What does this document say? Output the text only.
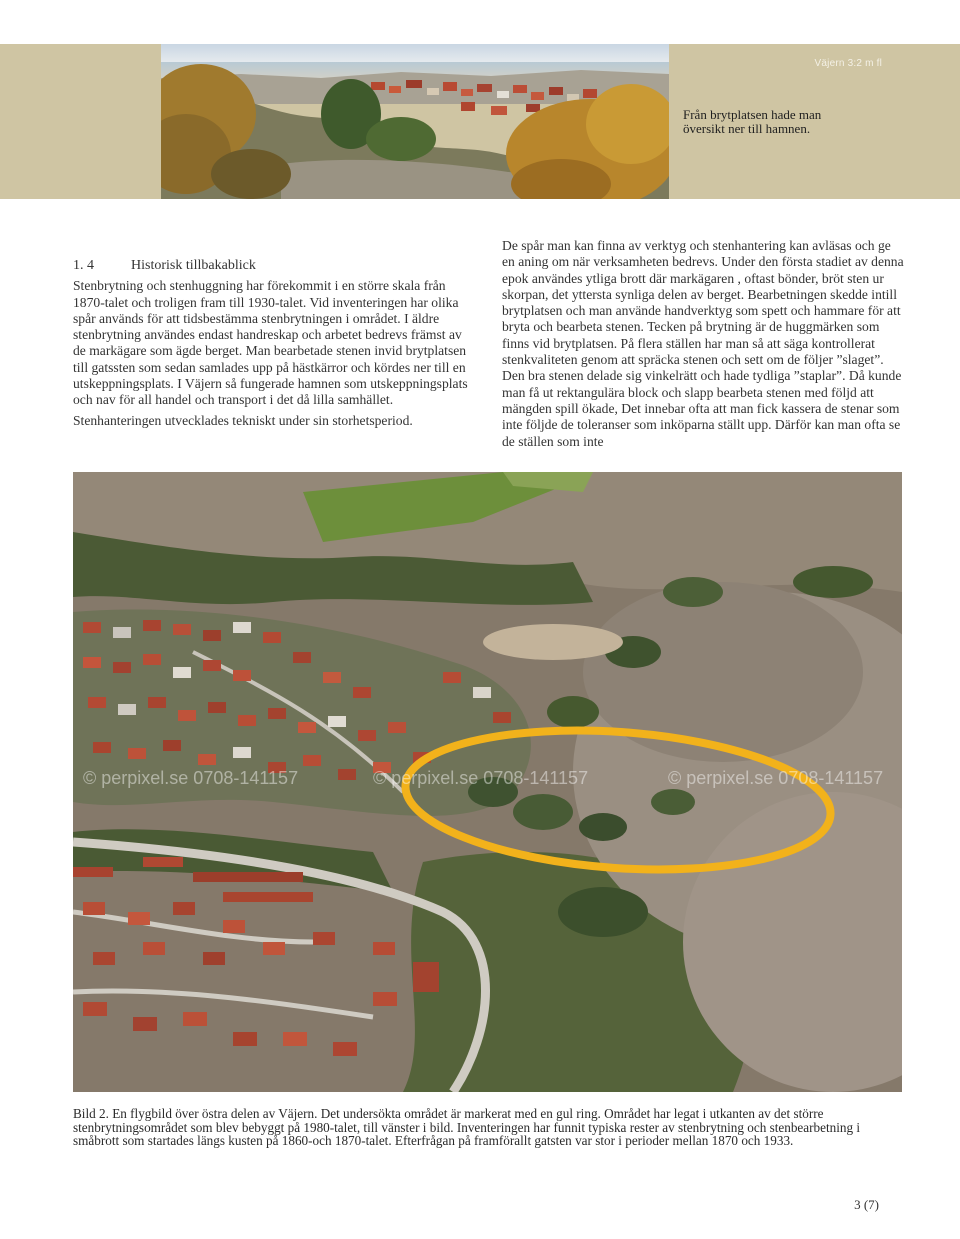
Väjern 3:2 m fl
Från brytplatsen hade man översikt ner till hamnen.
1. 4	Historisk tillbakablick

Stenbrytning och stenhuggning har förekommit i en större skala från 1870-talet och troligen fram till 1930-talet. Vid inventeringen har olika spår används för att tidsbestämma stenbrytningen i området. I äldre stenbrytning användes endast handreskap och arbetet bedrevs främst av de markägare som ägde berget. Man bearbetade stenen invid brytplatsen till gatssten som sedan samlades upp på hästkärror och kördes ner till en utskeppningsplats. I Väjern så fungerade hamnen som utskeppningsplats och nav för all handel och transport i det då lilla samhället.

Stenhanteringen utvecklades tekniskt under sin storhetsperiod.

De spår man kan finna av verktyg och stenhantering kan avläsas och ge en aning om när verksamheten bedrevs. Under den första stadiet av denna epok användes ytliga brott där markägaren , oftast bönder, bröt sten ur skorpan, det yttersta synliga delen av berget. Bearbetningen skedde intill brytplatsen och man använde handverktyg som spett och hammare för att bryta och bearbeta stenen. Tecken på brytning är de huggmärken som finns vid brytplatsen. På flera ställen har man så att säga kontrollerat stenkvaliteten genom att spräcka stenen och sett om de följer ”slaget”. Den bra stenen delade sig vinkelrätt och hade tydliga ”staplar”. Då kunde man få ut rektangulära block och slapp bearbeta stenen med följd att mängden spill ökade, Det innebar ofta att man fick kassera de stenar som inte följde de toleranser som inköparna ställt upp. Därför kan man ofta se de ställen som inte

© perpixel.se 0708-141157	© perpixel.se 0708-141157	© perpixel.se 0708-141157
Bild 2. En flygbild över östra delen av Väjern. Det undersökta området är markerat med en gul ring. Området har legat i utkanten av det större stenbrytningsområdet som blev bebyggt på 1980-talet, till vänster i bild. Inventeringen har funnit typiska rester av stenbrytning och stenbearbetning i småbrott som startades längs kusten på 1860-och 1870-talet. Efterfrågan på framförallt gatsten var stor i perioder mellan 1870 och 1933.
3 (7)
